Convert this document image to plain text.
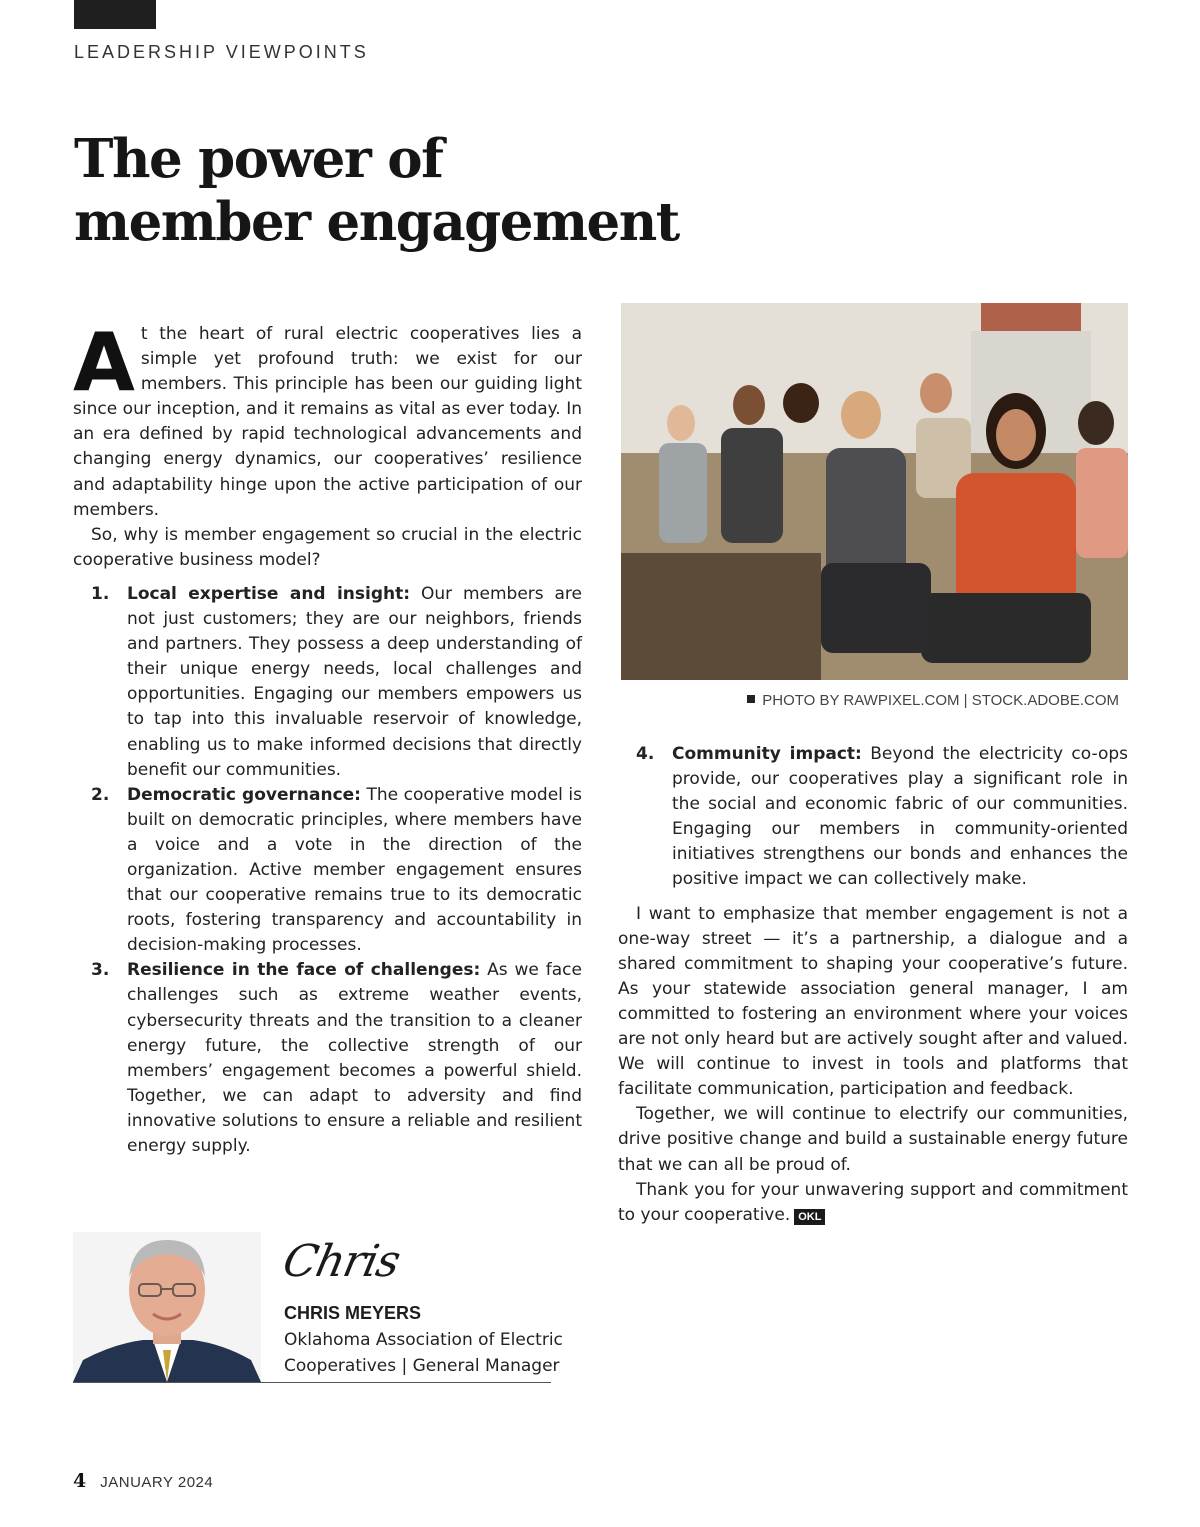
LEADERSHIP VIEWPOINTS
The power of
member engagement

At the heart of rural electric cooperatives lies a simple yet profound truth: we exist for our members. This principle has been our guiding light since our inception, and it remains as vital as ever today. In an era defined by rapid technological advancements and changing energy dynamics, our cooperatives’ resilience and adaptability hinge upon the active participation of our members.

So, why is member engagement so crucial in the electric cooperative business model?

1. Local expertise and insight: Our members are not just customers; they are our neighbors, friends and partners. They possess a deep understanding of their unique energy needs, local challenges and opportunities. Engaging our members empowers us to tap into this invaluable reservoir of knowledge, enabling us to make informed decisions that directly benefit our communities.
2. Democratic governance: The cooperative model is built on democratic principles, where members have a voice and a vote in the direction of the organization. Active member engagement ensures that our cooperative remains true to its democratic roots, fostering transparency and accountability in decision-making processes.
3. Resilience in the face of challenges: As we face challenges such as extreme weather events, cybersecurity threats and the transition to a cleaner energy future, the collective strength of our members’ engagement becomes a powerful shield. Together, we can adapt to adversity and find innovative solutions to ensure a reliable and resilient energy supply.
PHOTO BY RAWPIXEL.COM | STOCK.ADOBE.COM
4. Community impact: Beyond the electricity co-ops provide, our cooperatives play a significant role in the social and economic fabric of our communities. Engaging our members in community-oriented initiatives strengthens our bonds and enhances the positive impact we can collectively make.

I want to emphasize that member engagement is not a one-way street — it’s a partnership, a dialogue and a shared commitment to shaping your cooperative’s future. As your statewide association general manager, I am committed to fostering an environment where your voices are not only heard but are actively sought after and valued. We will continue to invest in tools and platforms that facilitate communication, participation and feedback.

Together, we will continue to electrify our communities, drive positive change and build a sustainable energy future that we can all be proud of.

Thank you for your unwavering support and commitment to your cooperative. OKL

Chris
CHRIS MEYERS
Oklahoma Association of Electric
Cooperatives | General Manager
4 JANUARY 2024
